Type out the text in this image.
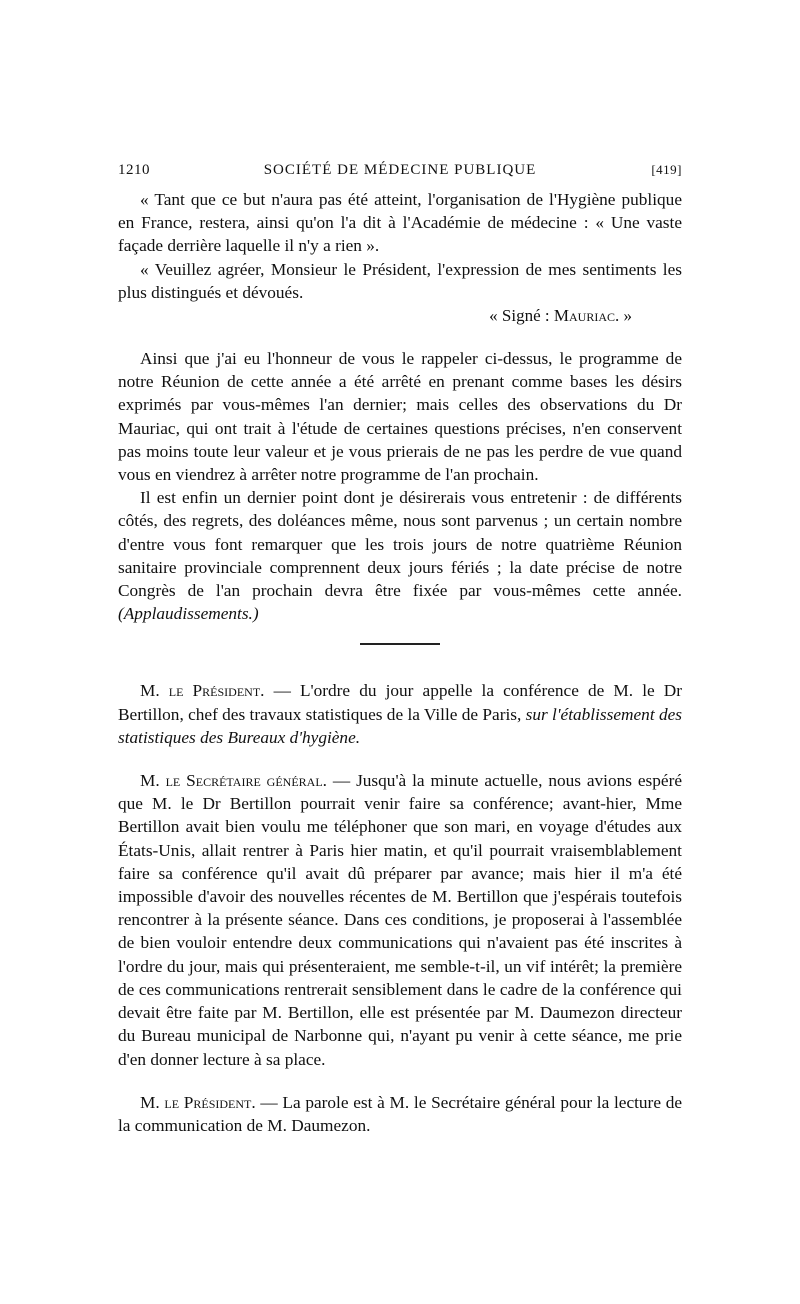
1210	SOCIÉTÉ DE MÉDECINE PUBLIQUE	[419]

« Tant que ce but n'aura pas été atteint, l'organisation de l'Hygiène publique en France, restera, ainsi qu'on l'a dit à l'Académie de médecine : « Une vaste façade derrière laquelle il n'y a rien ».

« Veuillez agréer, Monsieur le Président, l'expression de mes sentiments les plus distingués et dévoués.

« Signé : Mauriac. »

Ainsi que j'ai eu l'honneur de vous le rappeler ci-dessus, le programme de notre Réunion de cette année a été arrêté en prenant comme bases les désirs exprimés par vous-mêmes l'an dernier; mais celles des observations du Dr Mauriac, qui ont trait à l'étude de certaines questions précises, n'en conservent pas moins toute leur valeur et je vous prierais de ne pas les perdre de vue quand vous en viendrez à arrêter notre programme de l'an prochain.

Il est enfin un dernier point dont je désirerais vous entretenir : de différents côtés, des regrets, des doléances même, nous sont parvenus ; un certain nombre d'entre vous font remarquer que les trois jours de notre quatrième Réunion sanitaire provinciale comprennent deux jours fériés ; la date précise de notre Congrès de l'an prochain devra être fixée par vous-mêmes cette année. (Applaudissements.)

M. le Président. — L'ordre du jour appelle la conférence de M. le Dr Bertillon, chef des travaux statistiques de la Ville de Paris, sur l'établissement des statistiques des Bureaux d'hygiène.

M. le Secrétaire général. — Jusqu'à la minute actuelle, nous avions espéré que M. le Dr Bertillon pourrait venir faire sa conférence; avant-hier, Mme Bertillon avait bien voulu me téléphoner que son mari, en voyage d'études aux États-Unis, allait rentrer à Paris hier matin, et qu'il pourrait vraisemblablement faire sa conférence qu'il avait dû préparer par avance; mais hier il m'a été impossible d'avoir des nouvelles récentes de M. Bertillon que j'espérais toutefois rencontrer à la présente séance. Dans ces conditions, je proposerai à l'assemblée de bien vouloir entendre deux communications qui n'avaient pas été inscrites à l'ordre du jour, mais qui présenteraient, me semble-t-il, un vif intérêt; la première de ces communications rentrerait sensiblement dans le cadre de la conférence qui devait être faite par M. Bertillon, elle est présentée par M. Daumezon directeur du Bureau municipal de Narbonne qui, n'ayant pu venir à cette séance, me prie d'en donner lecture à sa place.

M. le Président. — La parole est à M. le Secrétaire général pour la lecture de la communication de M. Daumezon.
